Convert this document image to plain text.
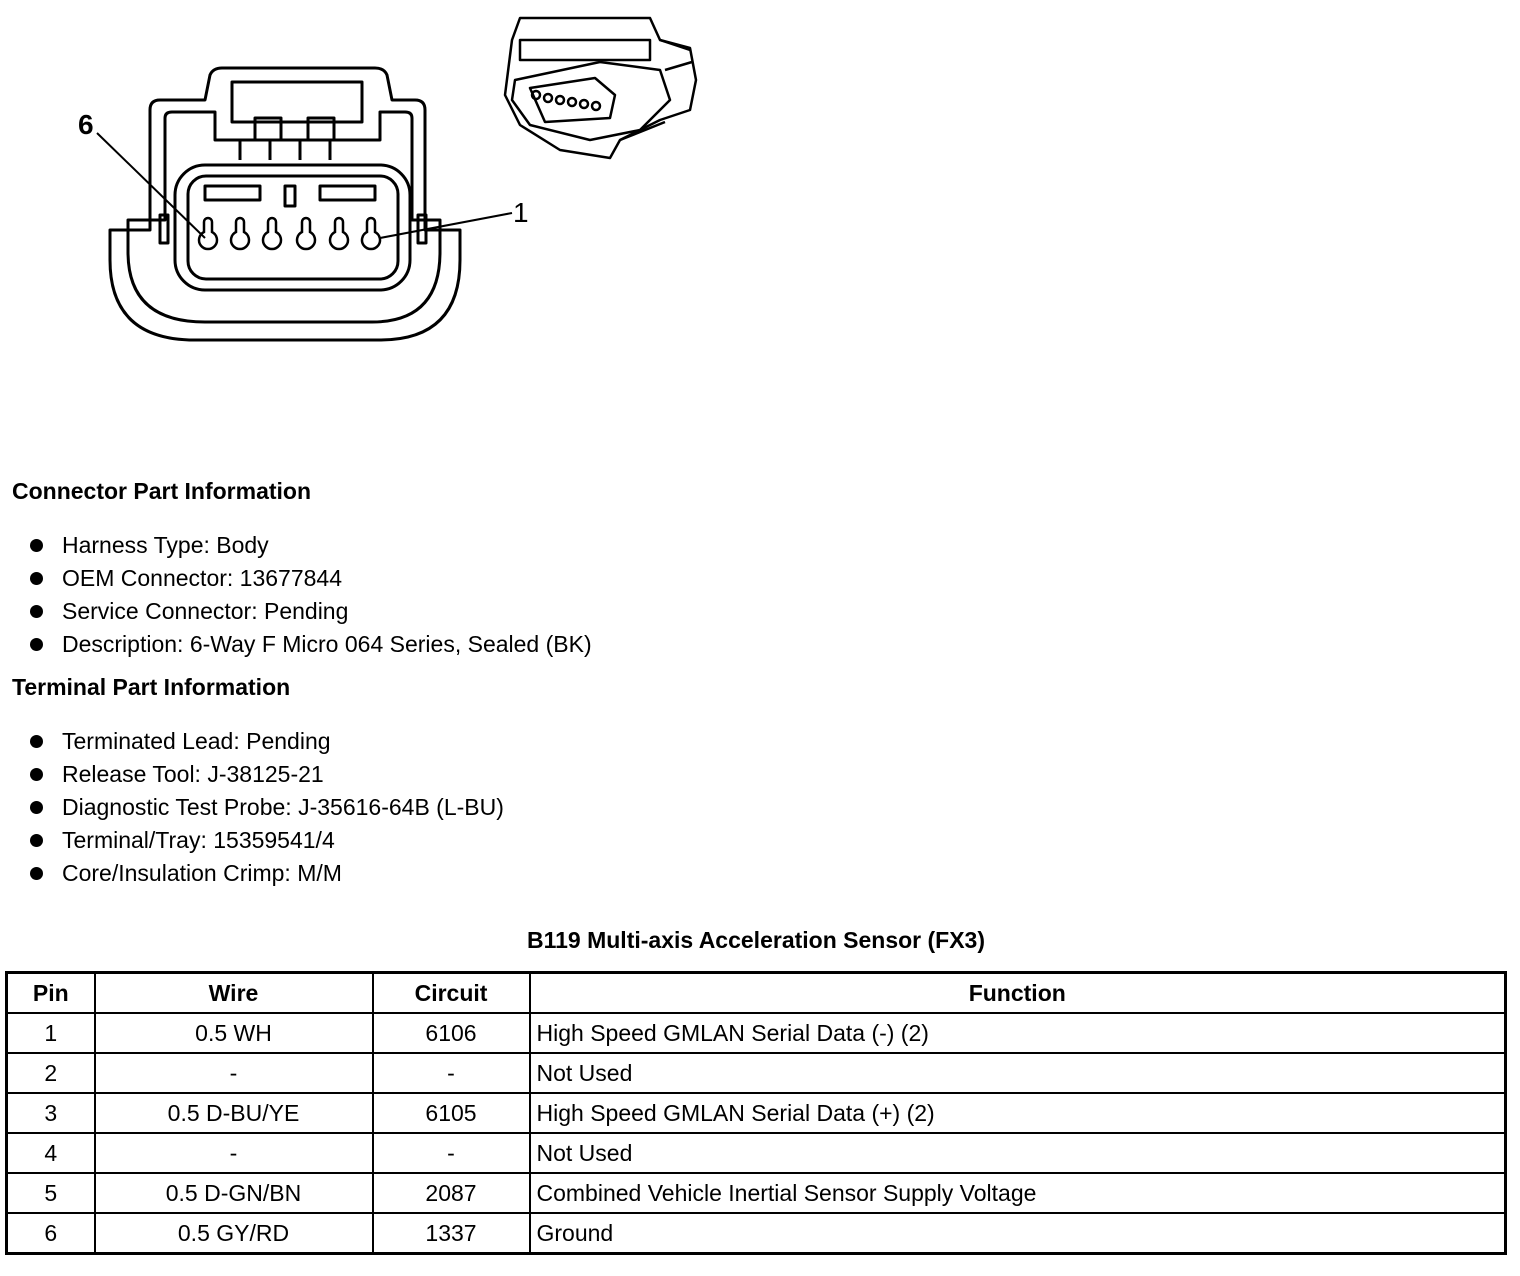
6
1
Connector Part Information
Harness Type: Body
OEM Connector: 13677844
Service Connector: Pending
Description: 6-Way F Micro 064 Series, Sealed (BK)
Terminal Part Information
Terminated Lead: Pending
Release Tool: J-38125-21
Diagnostic Test Probe: J-35616-64B (L-BU)
Terminal/Tray: 15359541/4
Core/Insulation Crimp: M/M
B119 Multi-axis Acceleration Sensor (FX3)
Pin	Wire	Circuit	Function
1	0.5 WH	6106	High Speed GMLAN Serial Data (-) (2)
2	-	-	Not Used
3	0.5 D-BU/YE	6105	High Speed GMLAN Serial Data (+) (2)
4	-	-	Not Used
5	0.5 D-GN/BN	2087	Combined Vehicle Inertial Sensor Supply Voltage
6	0.5 GY/RD	1337	Ground
